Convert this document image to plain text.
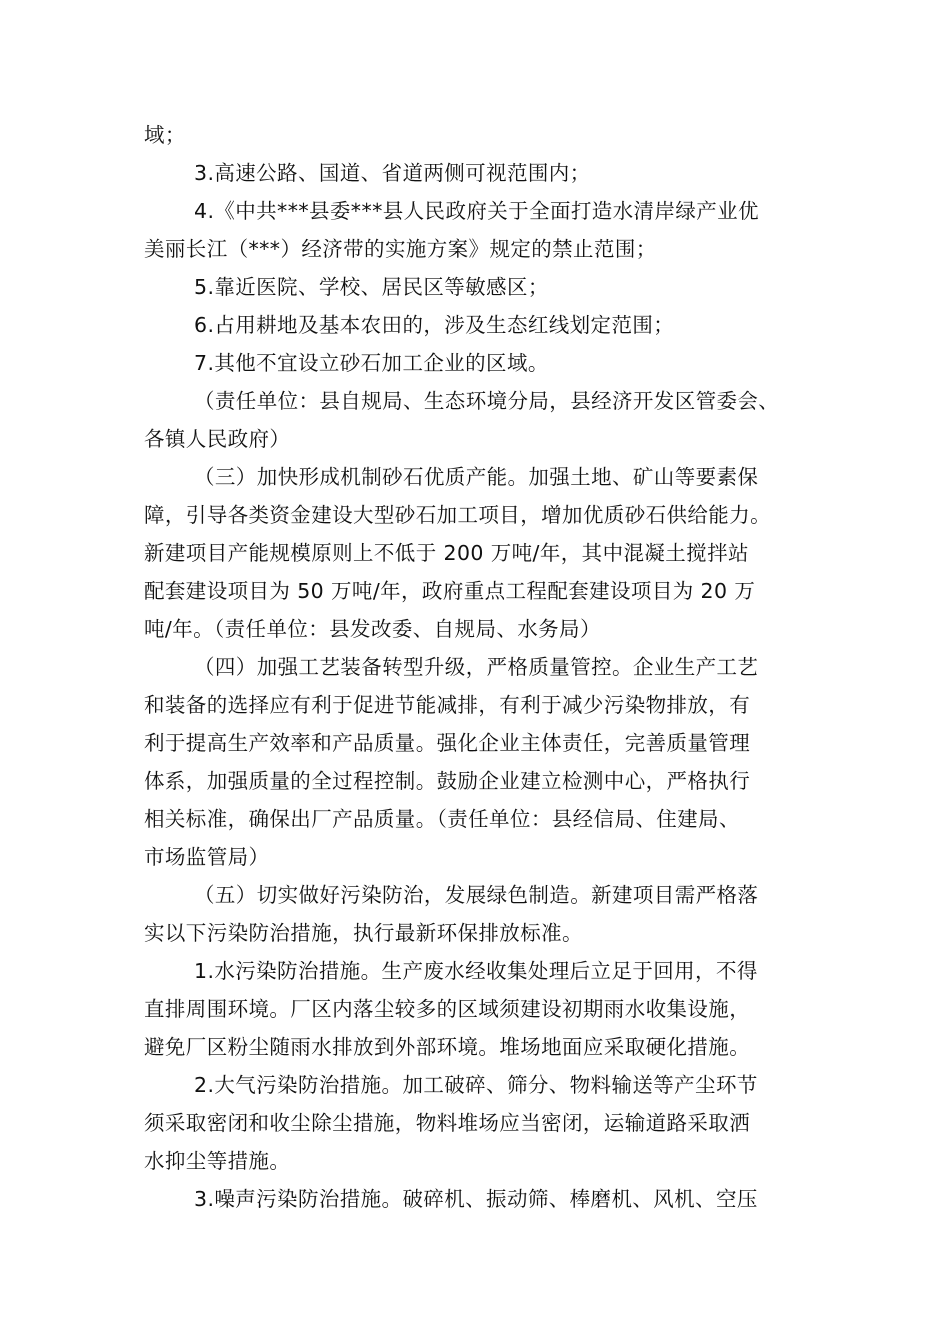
域；
3.高速公路、国道、省道两侧可视范围内；
4.《中共***县委***县人民政府关于全面打造水清岸绿产业优
美丽长江（***）经济带的实施方案》规定的禁止范围；
5.靠近医院、学校、居民区等敏感区；
6.占用耕地及基本农田的，涉及生态红线划定范围；
7.其他不宜设立砂石加工企业的区域。
（责任单位：县自规局、生态环境分局，县经济开发区管委会、
各镇人民政府）
（三）加快形成机制砂石优质产能。加强土地、矿山等要素保
障，引导各类资金建设大型砂石加工项目，增加优质砂石供给能力。
新建项目产能规模原则上不低于 200 万吨/年，其中混凝土搅拌站
配套建设项目为 50 万吨/年，政府重点工程配套建设项目为 20 万
吨/年。（责任单位：县发改委、自规局、水务局）
（四）加强工艺装备转型升级，严格质量管控。企业生产工艺
和装备的选择应有利于促进节能减排，有利于减少污染物排放，有
利于提高生产效率和产品质量。强化企业主体责任，完善质量管理
体系，加强质量的全过程控制。鼓励企业建立检测中心，严格执行
相关标准，确保出厂产品质量。（责任单位：县经信局、住建局、
市场监管局）
（五）切实做好污染防治，发展绿色制造。新建项目需严格落
实以下污染防治措施，执行最新环保排放标准。
1.水污染防治措施。生产废水经收集处理后立足于回用，不得
直排周围环境。厂区内落尘较多的区域须建设初期雨水收集设施，
避免厂区粉尘随雨水排放到外部环境。堆场地面应采取硬化措施。
2.大气污染防治措施。加工破碎、筛分、物料输送等产尘环节
须采取密闭和收尘除尘措施，物料堆场应当密闭，运输道路采取洒
水抑尘等措施。
3.噪声污染防治措施。破碎机、振动筛、棒磨机、风机、空压
